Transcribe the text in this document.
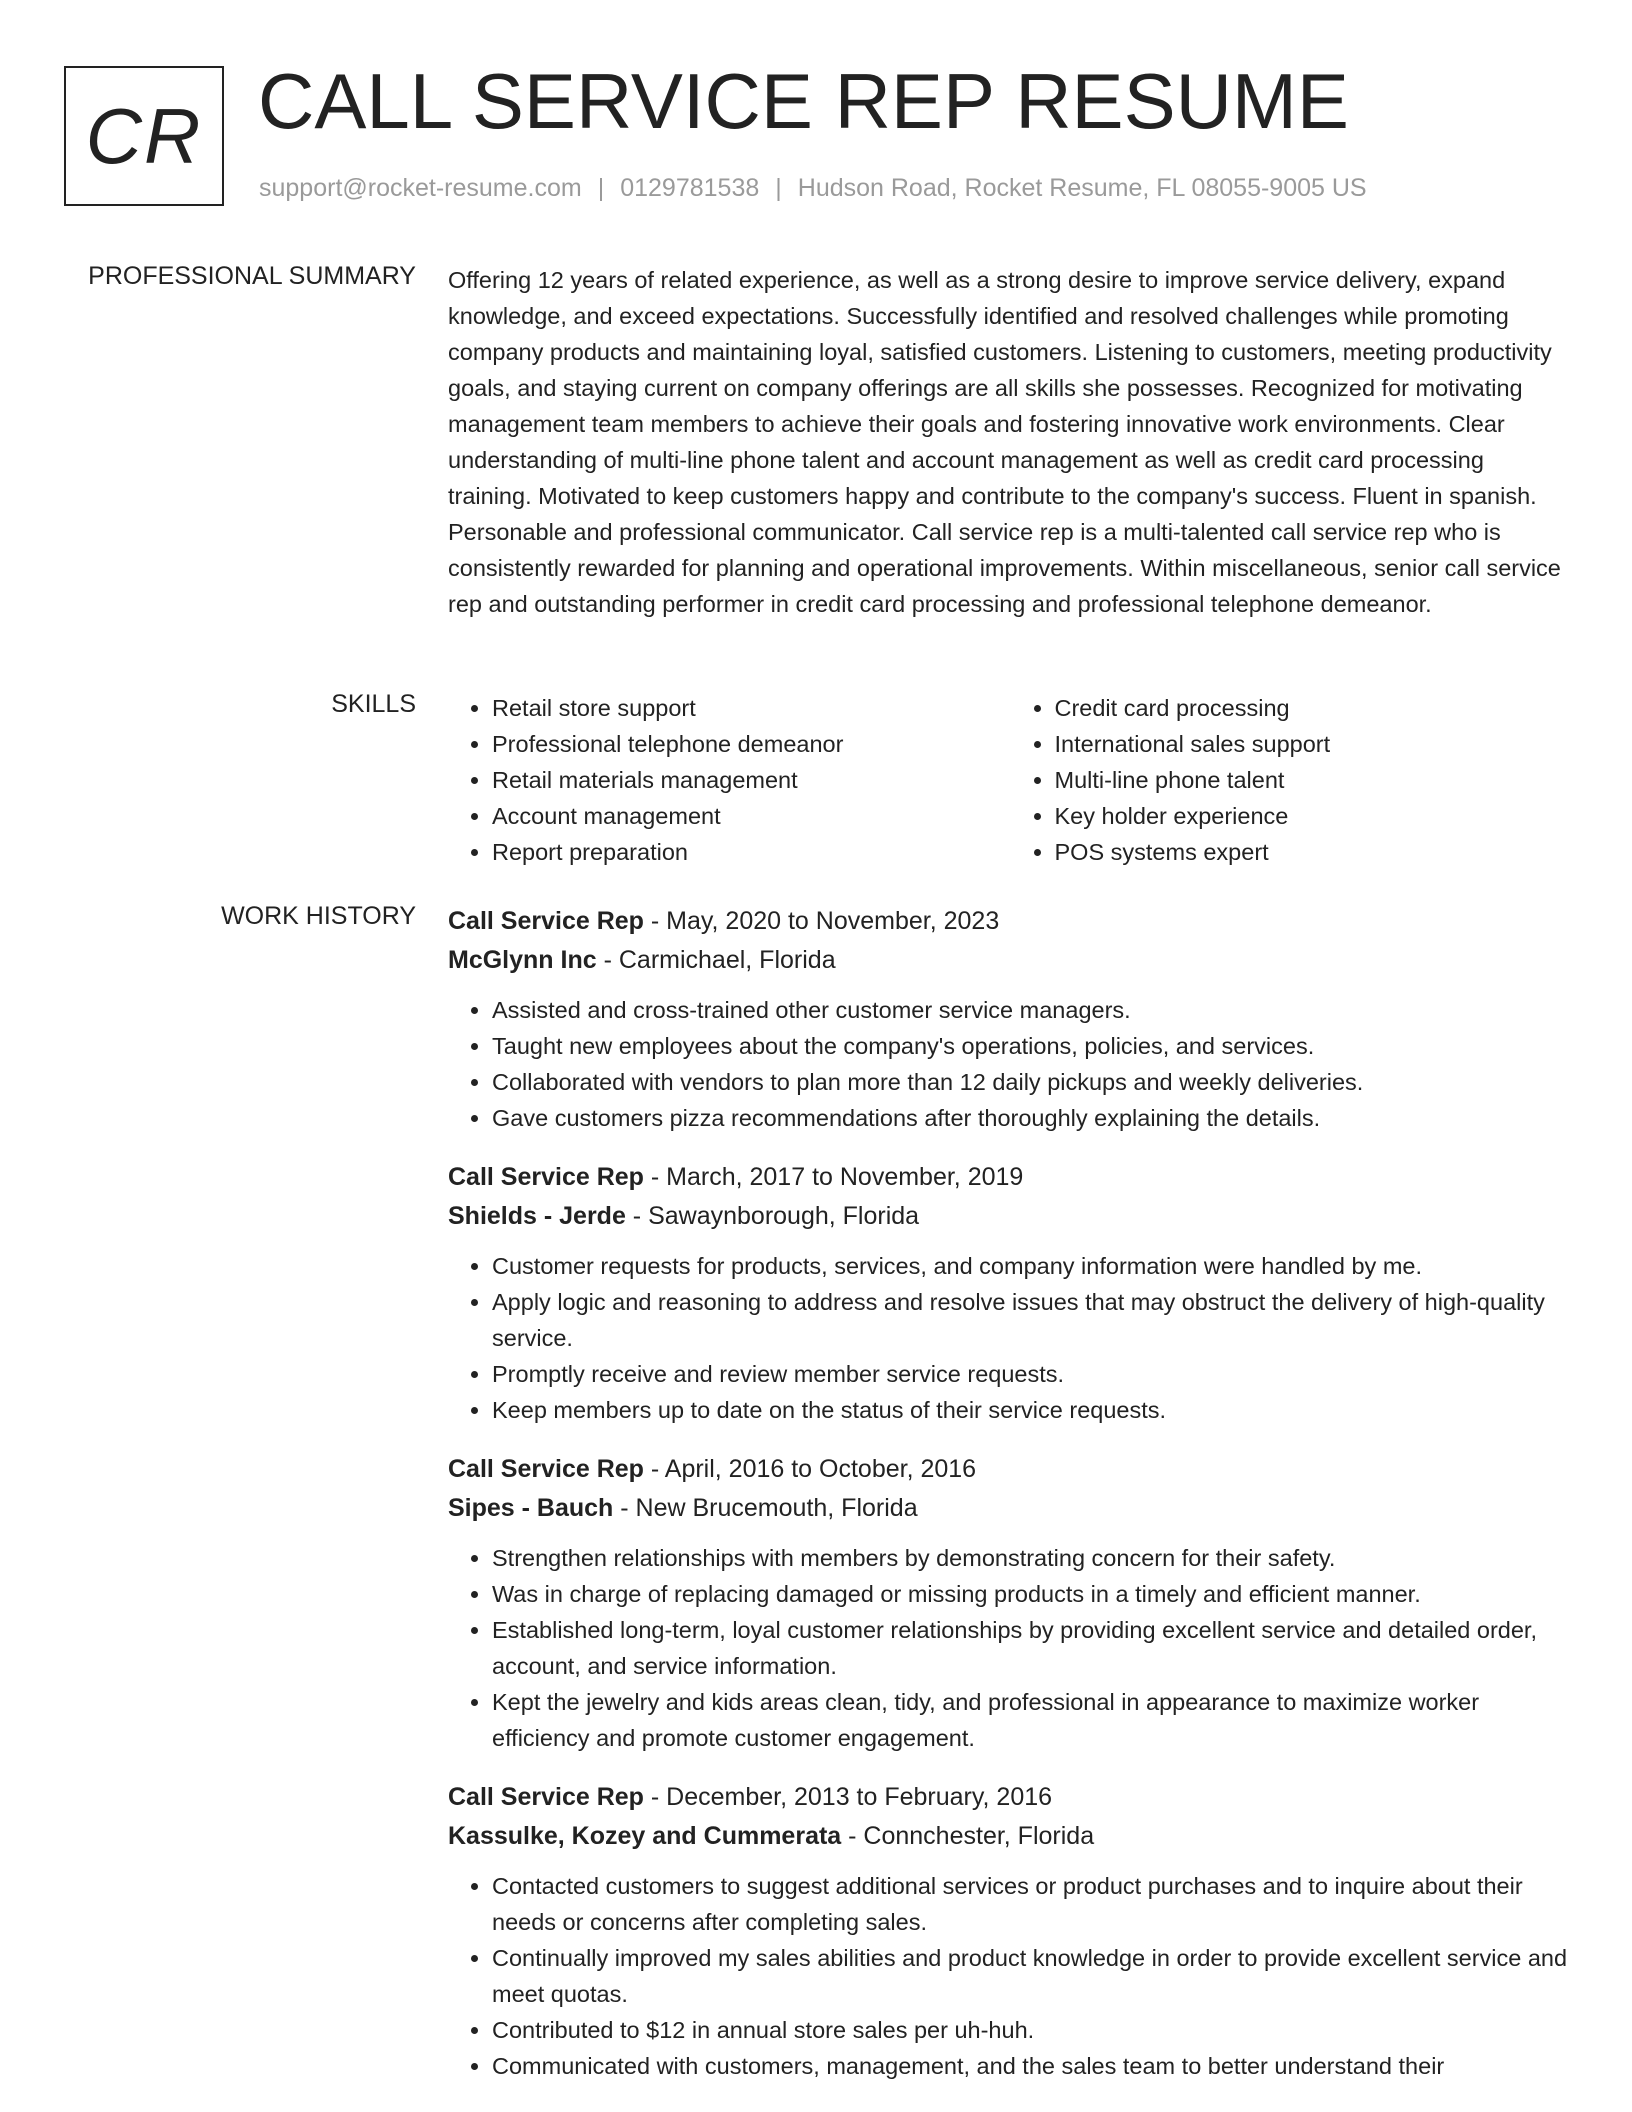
CR CALL SERVICE REP RESUME
support@rocket-resume.com | 0129781538 | Hudson Road, Rocket Resume, FL 08055-9005 US
PROFESSIONAL SUMMARY Offering 12 years of related experience, as well as a strong desire to improve service delivery, expand knowledge, and exceed expectations. Successfully identified and resolved challenges while promoting company products and maintaining loyal, satisfied customers. Listening to customers, meeting productivity goals, and staying current on company offerings are all skills she possesses. Recognized for motivating management team members to achieve their goals and fostering innovative work environments. Clear understanding of multi-line phone talent and account management as well as credit card processing training. Motivated to keep customers happy and contribute to the company's success. Fluent in spanish. Personable and professional communicator. Call service rep is a multi-talented call service rep who is consistently rewarded for planning and operational improvements. Within miscellaneous, senior call service rep and outstanding performer in credit card processing and professional telephone demeanor.

SKILLS
•	Retail store support
• Professional telephone demeanor
• Retail materials management
• Account management
• Report preparation
• Credit card processing
• International sales support
• Multi-line phone talent
• Key holder experience
• POS systems expert
WORK HISTORY Call Service Rep - May, 2020 to November, 2023
McGlynn Inc - Carmichael, Florida
• Assisted and cross-trained other customer service managers.
• Taught new employees about the company's operations, policies, and services.
• Collaborated with vendors to plan more than 12 daily pickups and weekly deliveries.
• Gave customers pizza recommendations after thoroughly explaining the details.
Call Service Rep - March, 2017 to November, 2019
Shields - Jerde - Sawaynborough, Florida
• Customer requests for products, services, and company information were handled by me.
• Apply logic and reasoning to address and resolve issues that may obstruct the delivery of high-quality service.
• Promptly receive and review member service requests.
• Keep members up to date on the status of their service requests.
Call Service Rep - April, 2016 to October, 2016
Sipes - Bauch - New Brucemouth, Florida
• Strengthen relationships with members by demonstrating concern for their safety.
• Was in charge of replacing damaged or missing products in a timely and efficient manner.
• Established long-term, loyal customer relationships by providing excellent service and detailed order, account, and service information.
• Kept the jewelry and kids areas clean, tidy, and professional in appearance to maximize worker efficiency and promote customer engagement.
Call Service Rep - December, 2013 to February, 2016
Kassulke, Kozey and Cummerata - Connchester, Florida
• Contacted customers to suggest additional services or product purchases and to inquire about their needs or concerns after completing sales.
• Continually improved my sales abilities and product knowledge in order to provide excellent service and meet quotas.
• Contributed to $12 in annual store sales per uh-huh.
• Communicated with customers, management, and the sales team to better understand their
